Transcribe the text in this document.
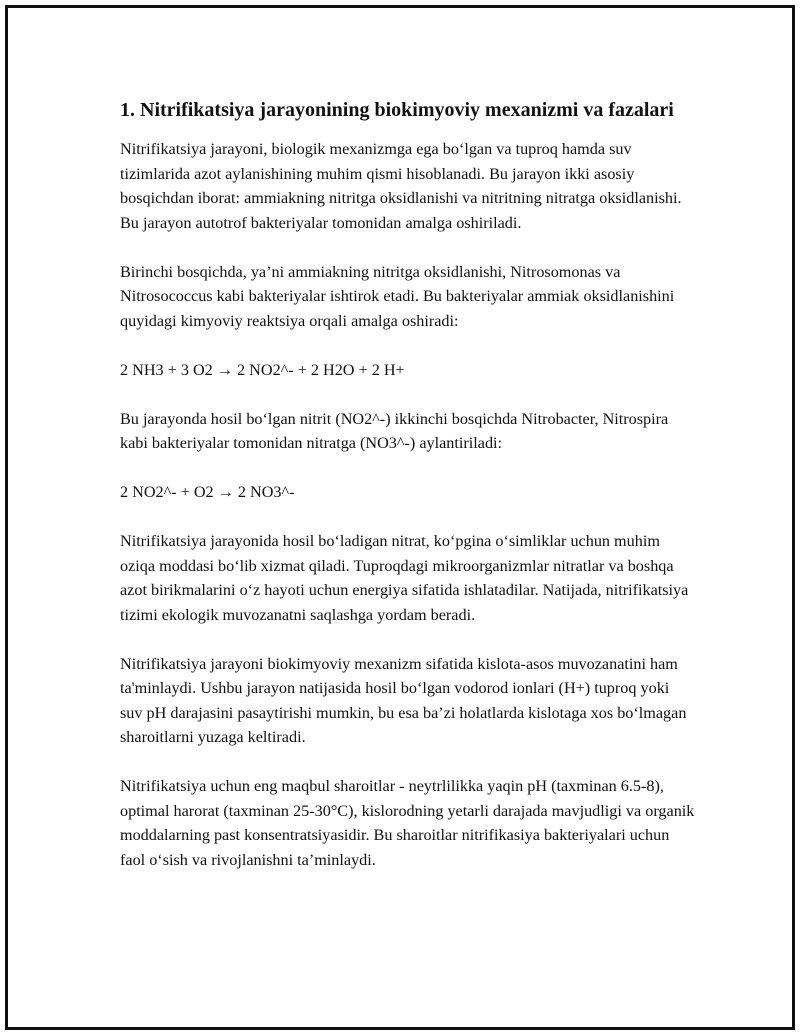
1. Nitrifikatsiya jarayonining biokimyoviy mexanizmi va fazalari

Nitrifikatsiya jarayoni, biologik mexanizmga ega bo‘lgan va tuproq hamda suv tizimlarida azot aylanishining muhim qismi hisoblanadi. Bu jarayon ikki asosiy bosqichdan iborat: ammiakning nitritga oksidlanishi va nitritning nitratga oksidlanishi. Bu jarayon autotrof bakteriyalar tomonidan amalga oshiriladi.

Birinchi bosqichda, ya’ni ammiakning nitritga oksidlanishi, Nitrosomonas va Nitrosococcus kabi bakteriyalar ishtirok etadi. Bu bakteriyalar ammiak oksidlanishini quyidagi kimyoviy reaktsiya orqali amalga oshiradi:

2 NH3 + 3 O2 → 2 NO2^- + 2 H2O + 2 H+

Bu jarayonda hosil bo‘lgan nitrit (NO2^-) ikkinchi bosqichda Nitrobacter, Nitrospira kabi bakteriyalar tomonidan nitratga (NO3^-) aylantiriladi:

2 NO2^- + O2 → 2 NO3^-

Nitrifikatsiya jarayonida hosil bo‘ladigan nitrat, ko‘pgina o‘simliklar uchun muhim oziqa moddasi bo‘lib xizmat qiladi. Tuproqdagi mikroorganizmlar nitratlar va boshqa azot birikmalarini o‘z hayoti uchun energiya sifatida ishlatadilar. Natijada, nitrifikatsiya tizimi ekologik muvozanatni saqlashga yordam beradi.

Nitrifikatsiya jarayoni biokimyoviy mexanizm sifatida kislota-asos muvozanatini ham ta'minlaydi. Ushbu jarayon natijasida hosil bo‘lgan vodorod ionlari (H+) tuproq yoki suv pH darajasini pasaytirishi mumkin, bu esa ba’zi holatlarda kislotaga xos bo‘lmagan sharoitlarni yuzaga keltiradi.

Nitrifikatsiya uchun eng maqbul sharoitlar - neytrlilikka yaqin pH (taxminan 6.5-8), optimal harorat (taxminan 25-30°C), kislorodning yetarli darajada mavjudligi va organik moddalarning past konsentratsiyasidir. Bu sharoitlar nitrifikasiya bakteriyalari uchun faol o‘sish va rivojlanishni ta’minlaydi.
